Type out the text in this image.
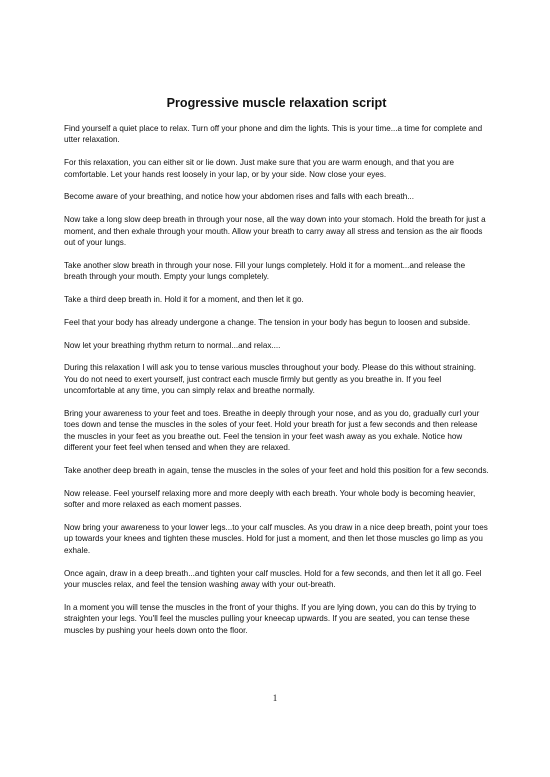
Progressive muscle relaxation script

Find yourself a quiet place to relax. Turn off your phone and dim the lights. This is your time...a time for complete and utter relaxation.

For this relaxation, you can either sit or lie down. Just make sure that you are warm enough, and that you are comfortable. Let your hands rest loosely in your lap, or by your side. Now close your eyes.

Become aware of your breathing, and notice how your abdomen rises and falls with each breath...

Now take a long slow deep breath in through your nose, all the way down into your stomach. Hold the breath for just a moment, and then exhale through your mouth. Allow your breath to carry away all stress and tension as the air floods out of your lungs.

Take another slow breath in through your nose. Fill your lungs completely. Hold it for a moment...and release the breath through your mouth. Empty your lungs completely.

Take a third deep breath in. Hold it for a moment, and then let it go.

Feel that your body has already undergone a change. The tension in your body has begun to loosen and subside.

Now let your breathing rhythm return to normal...and relax....

During this relaxation I will ask you to tense various muscles throughout your body. Please do this without straining. You do not need to exert yourself, just contract each muscle firmly but gently as you breathe in. If you feel uncomfortable at any time, you can simply relax and breathe normally.

Bring your awareness to your feet and toes. Breathe in deeply through your nose, and as you do, gradually curl your toes down and tense the muscles in the soles of your feet. Hold your breath for just a few seconds and then release the muscles in your feet as you breathe out. Feel the tension in your feet wash away as you exhale. Notice how different your feet feel when tensed and when they are relaxed.

Take another deep breath in again, tense the muscles in the soles of your feet and hold this position for a few seconds.

Now release. Feel yourself relaxing more and more deeply with each breath. Your whole body is becoming heavier, softer and more relaxed as each moment passes.

Now bring your awareness to your lower legs...to your calf muscles. As you draw in a nice deep breath, point your toes up towards your knees and tighten these muscles. Hold for just a moment, and then let those muscles go limp as you exhale.

Once again, draw in a deep breath...and tighten your calf muscles. Hold for a few seconds, and then let it all go. Feel your muscles relax, and feel the tension washing away with your out-breath.

In a moment you will tense the muscles in the front of your thighs. If you are lying down, you can do this by trying to straighten your legs. You'll feel the muscles pulling your kneecap upwards. If you are seated, you can tense these muscles by pushing your heels down onto the floor.

1
